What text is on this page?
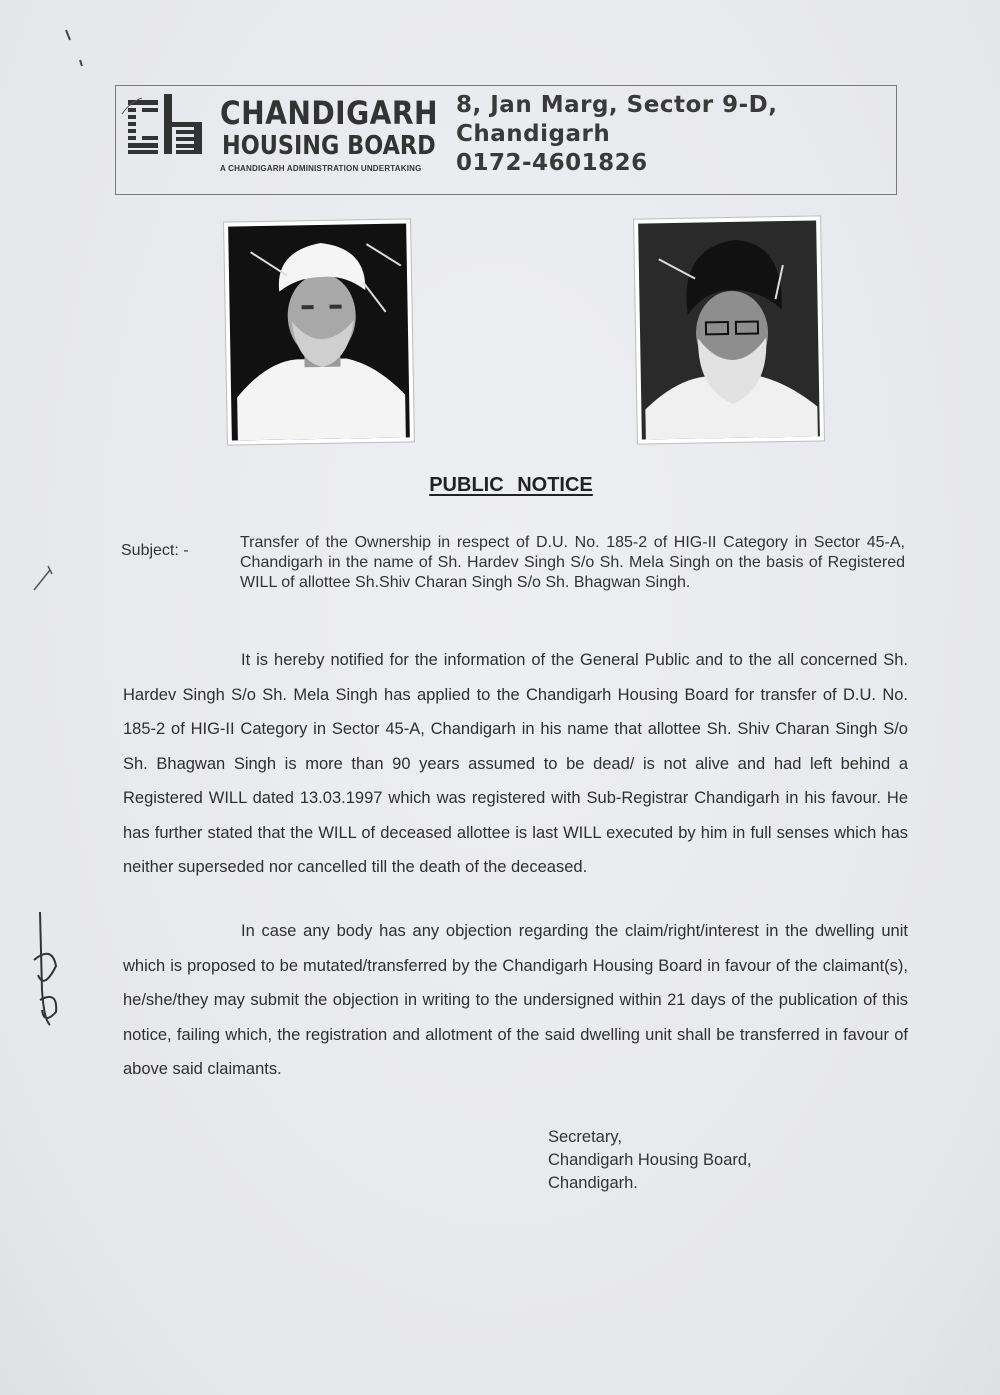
CHANDIGARH
HOUSING BOARD
A CHANDIGARH ADMINISTRATION UNDERTAKING
8, Jan Marg, Sector 9-D,
Chandigarh
0172-4601826
PUBLIC NOTICE
Subject: -	Transfer of the Ownership in respect of D.U. No. 185-2 of HIG-II Category in Sector 45-A, Chandigarh in the name of Sh. Hardev Singh S/o Sh. Mela Singh on the basis of Registered WILL of allottee Sh.Shiv Charan Singh S/o Sh. Bhagwan Singh.
It is hereby notified for the information of the General Public and to the all concerned Sh. Hardev Singh S/o Sh. Mela Singh has applied to the Chandigarh Housing Board for transfer of D.U. No. 185-2 of HIG-II Category in Sector 45-A, Chandigarh in his name that allottee Sh. Shiv Charan Singh S/o Sh. Bhagwan Singh is more than 90 years assumed to be dead/ is not alive and had left behind a Registered WILL dated 13.03.1997 which was registered with Sub-Registrar Chandigarh in his favour. He has further stated that the WILL of deceased allottee is last WILL executed by him in full senses which has neither superseded nor cancelled till the death of the deceased.
In case any body has any objection regarding the claim/right/interest in the dwelling unit which is proposed to be mutated/transferred by the Chandigarh Housing Board in favour of the claimant(s), he/she/they may submit the objection in writing to the undersigned within 21 days of the publication of this notice, failing which, the registration and allotment of the said dwelling unit shall be transferred in favour of above said claimants.
Secretary,
Chandigarh Housing Board,
Chandigarh.
